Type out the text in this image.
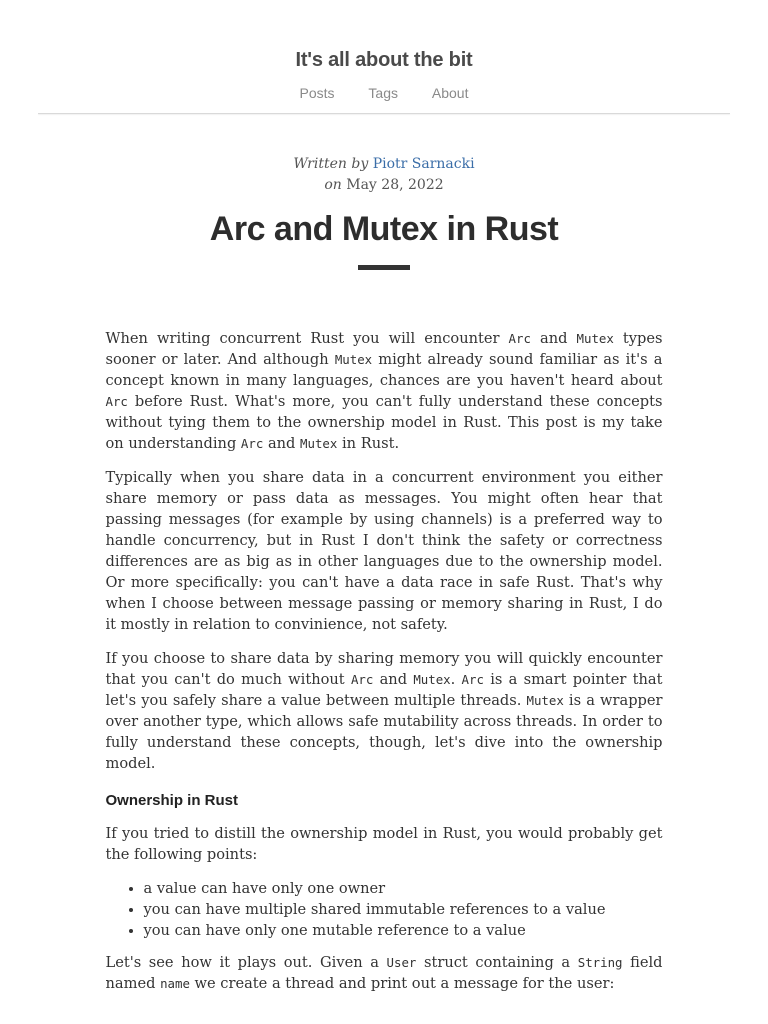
It's all about the bit
Posts Tags About
Written by Piotr Sarnacki
on May 28, 2022
Arc and Mutex in Rust

When writing concurrent Rust you will encounter Arc and Mutex types sooner or later. And although Mutex might already sound familiar as it's a concept known in many languages, chances are you haven't heard about Arc before Rust. What's more, you can't fully understand these concepts without tying them to the ownership model in Rust. This post is my take on understanding Arc and Mutex in Rust.

Typically when you share data in a concurrent environment you either share memory or pass data as messages. You might often hear that passing messages (for example by using channels) is a preferred way to handle concurrency, but in Rust I don't think the safety or correctness differences are as big as in other languages due to the ownership model. Or more specifically: you can't have a data race in safe Rust. That's why when I choose between message passing or memory sharing in Rust, I do it mostly in relation to convinience, not safety.

If you choose to share data by sharing memory you will quickly encounter that you can't do much without Arc and Mutex. Arc is a smart pointer that let's you safely share a value between multiple threads. Mutex is a wrapper over another type, which allows safe mutability across threads. In order to fully understand these concepts, though, let's dive into the ownership model.

Ownership in Rust

If you tried to distill the ownership model in Rust, you would probably get the following points:

• a value can have only one owner
• you can have multiple shared immutable references to a value
• you can have only one mutable reference to a value

Let's see how it plays out. Given a User struct containing a String field named name we create a thread and print out a message for the user:
